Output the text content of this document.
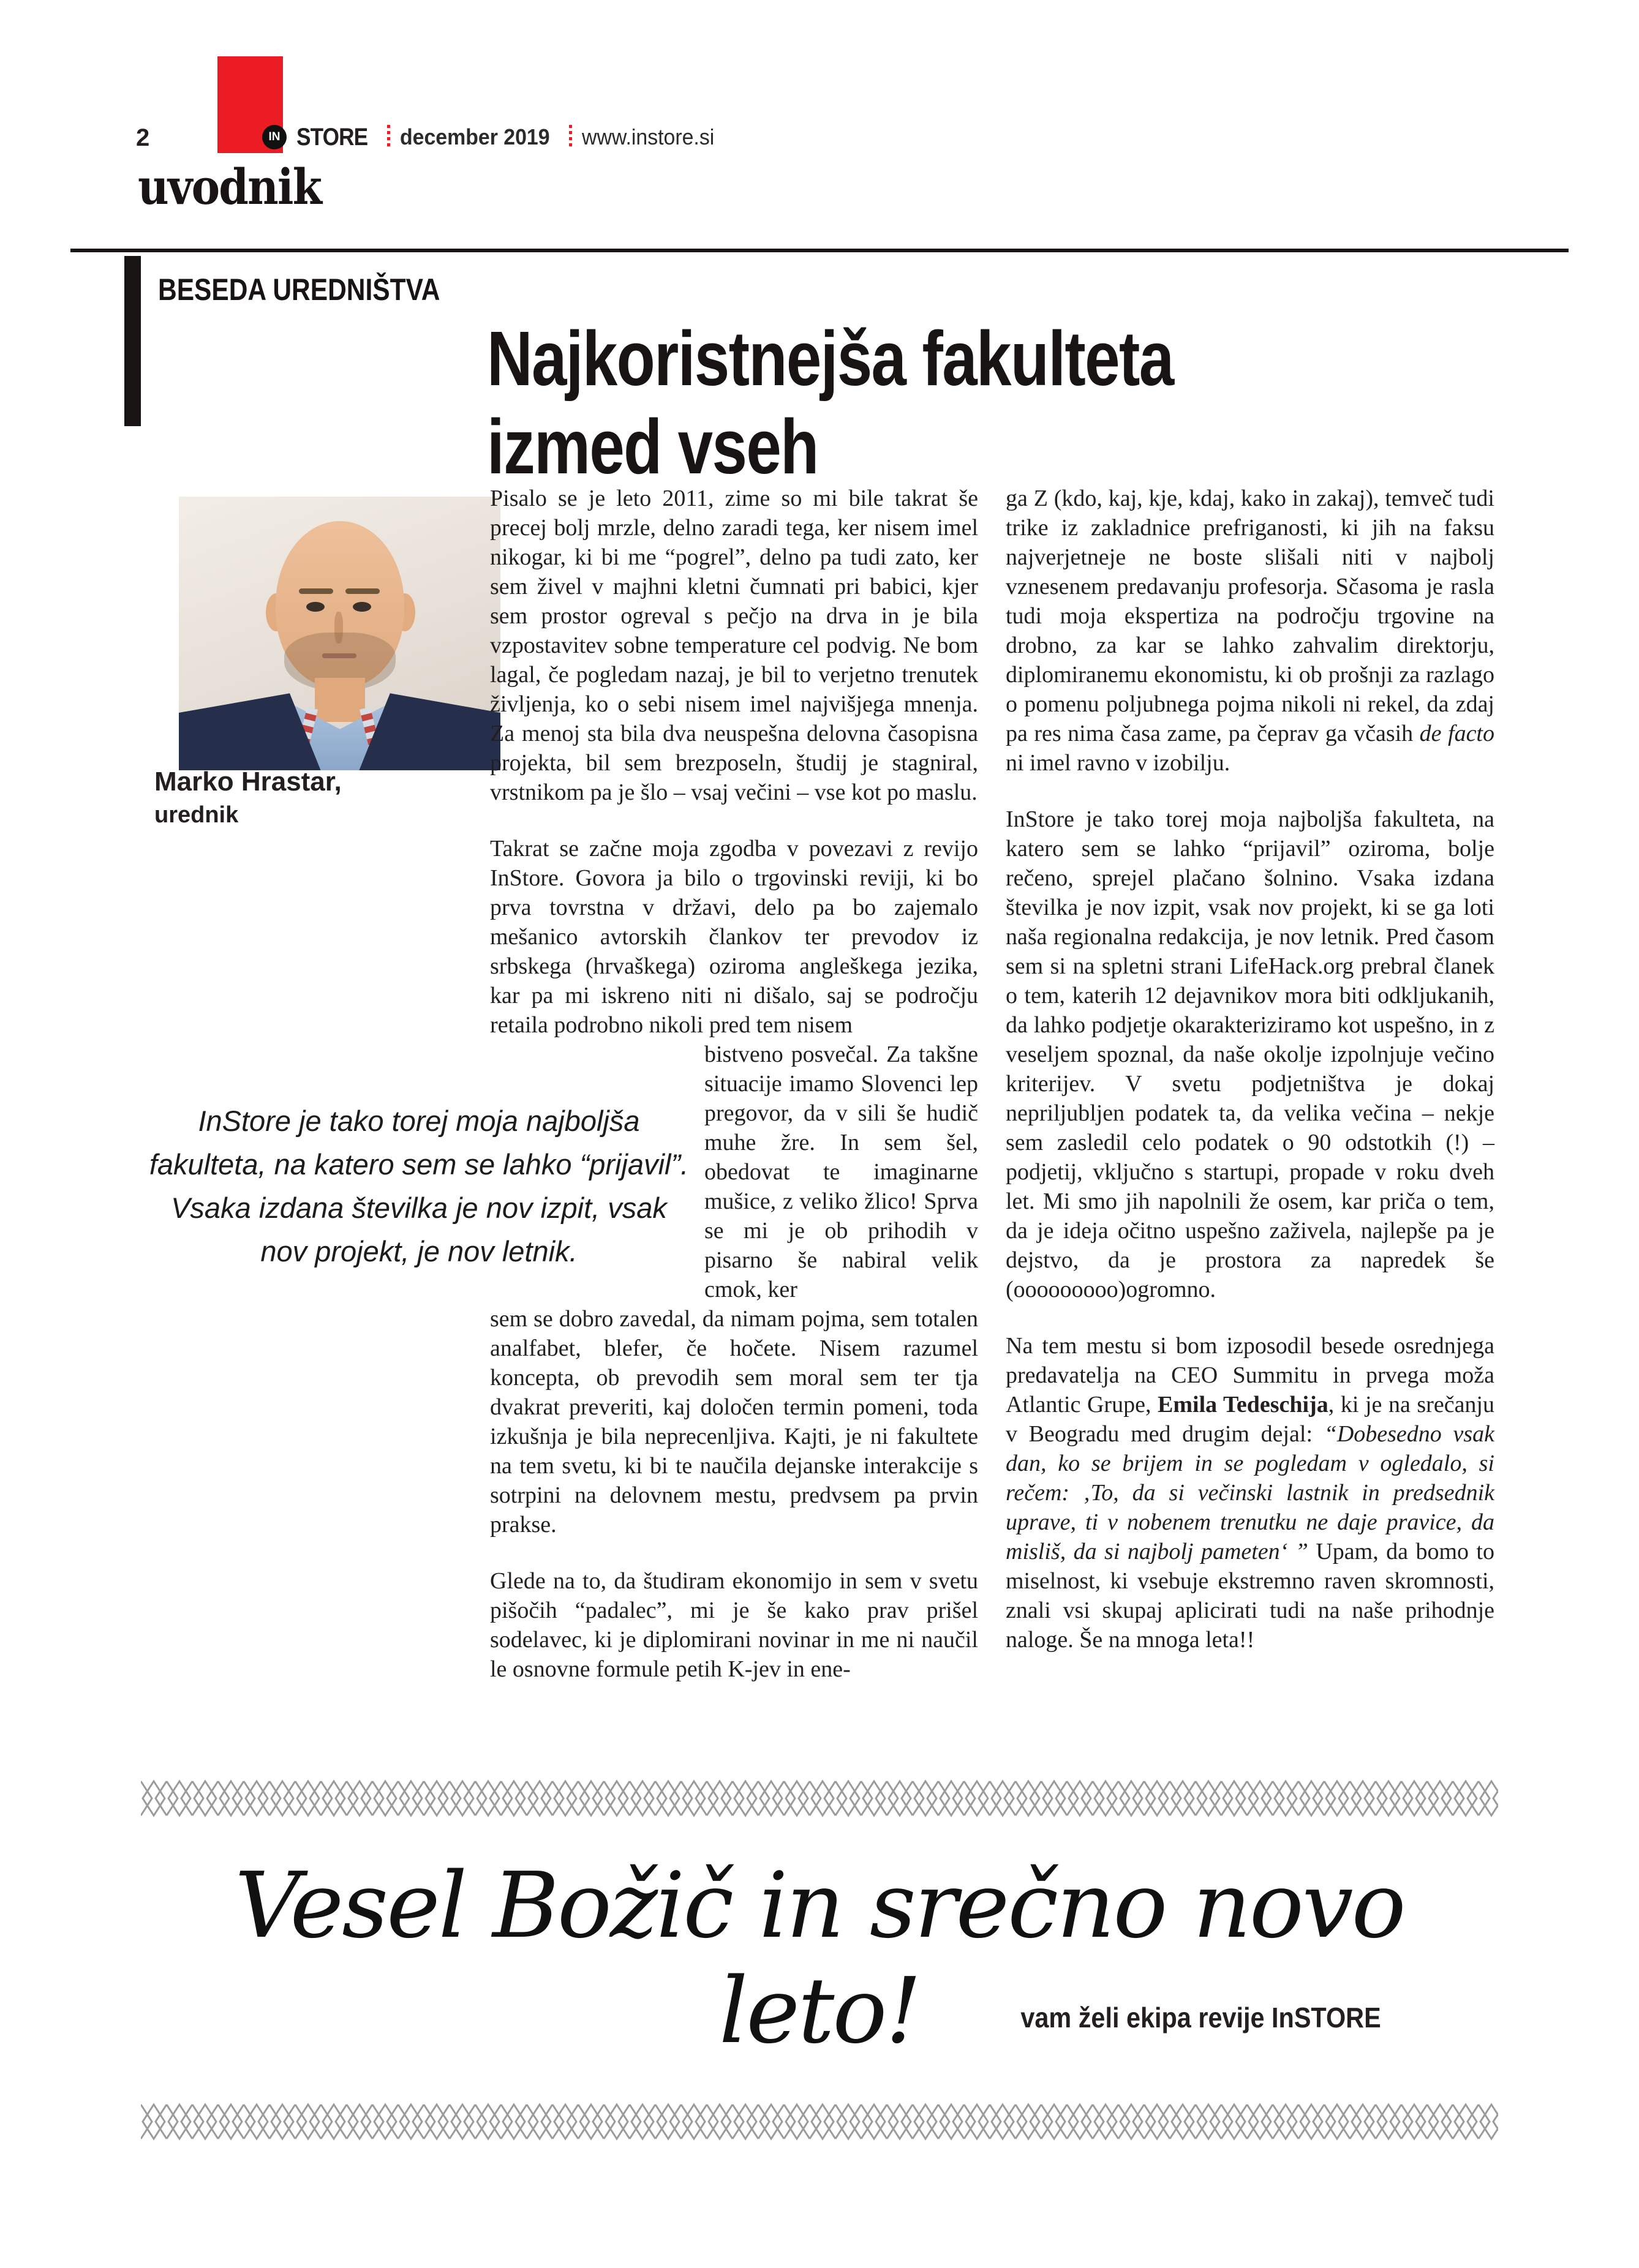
2	IN STORE december 2019 www.instore.si
uvodnik
BESEDA UREDNIŠTVA
Najkoristnejša fakulteta
izmed vseh
Marko Hrastar,
urednik
InStore je tako torej moja najboljša fakulteta, na katero sem se lahko “prijavil”. Vsaka izdana številka je nov izpit, vsak nov projekt, je nov letnik.

Pisalo se je leto 2011, zime so mi bile takrat še precej bolj mrzle, delno zaradi tega, ker nisem imel nikogar, ki bi me “pogrel”, delno pa tudi zato, ker sem živel v majhni kletni čumnati pri babici, kjer sem prostor ogreval s pečjo na drva in je bila vzpostavitev sobne temperature cel podvig. Ne bom lagal, če pogledam nazaj, je bil to verjetno trenutek življenja, ko o sebi nisem imel najvišjega mnenja. Za menoj sta bila dva neuspešna delovna časopisna projekta, bil sem brezposeln, študij je stagniral, vrstnikom pa je šlo – vsaj večini – vse kot po maslu.

Takrat se začne moja zgodba v povezavi z revijo InStore. Govora ja bilo o trgovinski reviji, ki bo prva tovrstna v državi, delo pa bo zajemalo mešanico avtorskih člankov ter prevodov iz srbskega (hrvaškega) oziroma angleškega jezika, kar pa mi iskreno niti ni dišalo, saj se področju retaila podrobno nikoli pred tem nisem

bistveno posvečal. Za takšne situacije imamo Slovenci lep pregovor, da v sili še hudič muhe žre. In sem šel, obedovat te imaginarne mušice, z veliko žlico! Sprva se mi je ob prihodih v pisarno še nabiral velik cmok, ker

sem se dobro zavedal, da nimam pojma, sem totalen analfabet, blefer, če hočete. Nisem razumel koncepta, ob prevodih sem moral sem ter tja dvakrat preveriti, kaj določen termin pomeni, toda izkušnja je bila neprecenljiva. Kajti, je ni fakultete na tem svetu, ki bi te naučila dejanske interakcije s sotrpini na delovnem mestu, predvsem pa prvin prakse.

Glede na to, da študiram ekonomijo in sem v svetu pišočih “padalec”, mi je še kako prav prišel sodelavec, ki je diplomirani novinar in me ni naučil le osnovne formule petih K-jev in ene-

ga Z (kdo, kaj, kje, kdaj, kako in zakaj), temveč tudi trike iz zakladnice prefriganosti, ki jih na faksu najverjetneje ne boste slišali niti v najbolj vznesenem predavanju profesorja. Sčasoma je rasla tudi moja ekspertiza na področju trgovine na drobno, za kar se lahko zahvalim direktorju, diplomiranemu ekonomistu, ki ob prošnji za razlago o pomenu poljubnega pojma nikoli ni rekel, da zdaj pa res nima časa zame, pa čeprav ga včasih de facto ni imel ravno v izobilju.

InStore je tako torej moja najboljša fakulteta, na katero sem se lahko “prijavil” oziroma, bolje rečeno, sprejel plačano šolnino. Vsaka izdana številka je nov izpit, vsak nov projekt, ki se ga loti naša regionalna redakcija, je nov letnik. Pred časom sem si na spletni strani LifeHack.org prebral članek o tem, katerih 12 dejavnikov mora biti odkljukanih, da lahko podjetje okarakteriziramo kot uspešno, in z veseljem spoznal, da naše okolje izpolnjuje večino kriterijev. V svetu podjetništva je dokaj nepriljubljen podatek ta, da velika večina – nekje sem zasledil celo podatek o 90 odstotkih (!) – podjetij, vključno s startupi, propade v roku dveh let. Mi smo jih napolnili že osem, kar priča o tem, da je ideja očitno uspešno zaživela, najlepše pa je dejstvo, da je prostora za napredek še (ooooooooo)ogromno.

Na tem mestu si bom izposodil besede osrednjega predavatelja na CEO Summitu in prvega moža Atlantic Grupe, Emila Tedeschija, ki je na srečanju v Beogradu med drugim dejal: “Dobesedno vsak dan, ko se brijem in se pogledam v ogledalo, si rečem: ‚To, da si večinski lastnik in predsednik uprave, ti v nobenem trenutku ne daje pravice, da misliš, da si najbolj pameten‘ ” Upam, da bomo to miselnost, ki vsebuje ekstremno raven skromnosti, znali vsi skupaj aplicirati tudi na naše prihodnje naloge. Še na mnoga leta!!

Vesel Božič in srečno novo leto!	vam želi ekipa revije InSTORE
